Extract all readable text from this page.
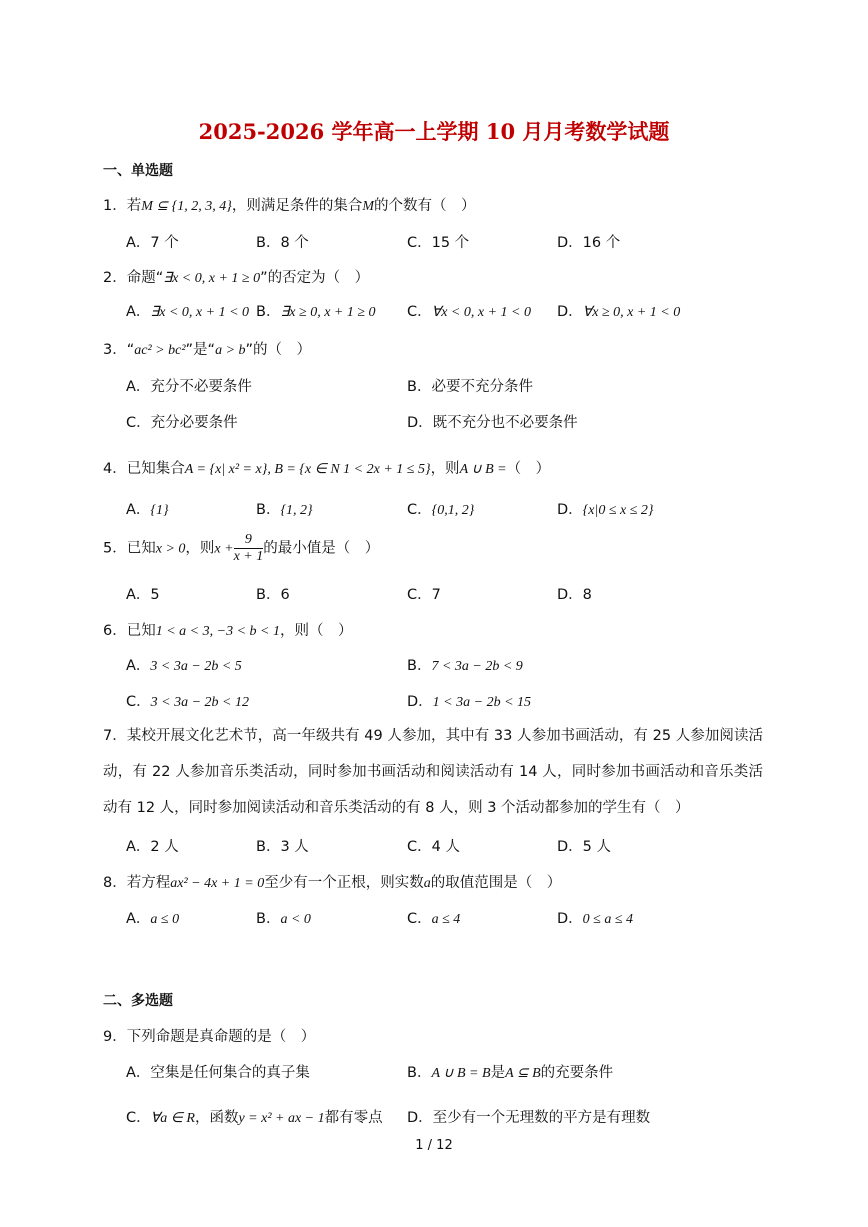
2025-2026 学年高一上学期 10 月月考数学试题
一、单选题
1．若M ⊆ {1, 2, 3, 4}，则满足条件的集合M的个数有（　）
A．7 个	B．8 个	C．15 个	D．16 个
2．命题“∃x < 0, x + 1 ≥ 0”的否定为（　）
A．∃x < 0, x + 1 < 0 B．∃x ≥ 0, x + 1 ≥ 0 C．∀x < 0, x + 1 < 0 D．∀x ≥ 0, x + 1 < 0
3．“ac² > bc²”是“a > b”的（　）
A．充分不必要条件	B．必要不充分条件
C．充分必要条件	D．既不充分也不必要条件
4．已知集合A = {x| x² = x}, B = {x ∈ N 1 < 2x + 1 ≤ 5}，则A ∪ B =（　）
A．{1}	B．{1, 2}	C．{0,1, 2}	D．{x|0 ≤ x ≤ 2}
5．已知x > 0，则$x + \frac{9}{x + 1}$ 的最小值是（　）
A．5	B．6	C．7	D．8
6．已知1 < a < 3, −3 < b < 1，则（　）
A．3 < 3a − 2b < 5	B．7 < 3a − 2b < 9
C．3 < 3a − 2b < 12	D．1 < 3a − 2b < 15
7．某校开展文化艺术节，高一年级共有 49 人参加，其中有 33 人参加书画活动，有 25 人参加阅读活动，有 22 人参加音乐类活动，同时参加书画活动和阅读活动有 14 人，同时参加书画活动和音乐类活动有 12 人，同时参加阅读活动和音乐类活动的有 8 人，则 3 个活动都参加的学生有（　）
A．2 人	B．3 人	C．4 人	D．5 人
8．若方程ax² − 4x + 1 = 0至少有一个正根，则实数a的取值范围是（　）
A．a ≤ 0	B．a < 0	C．a ≤ 4	D．0 ≤ a ≤ 4
二、多选题
9．下列命题是真命题的是（　）
A．空集是任何集合的真子集	B．A ∪ B = B是A ⊆ B的充要条件
C．∀a ∈ R，函数y = x² + ax − 1都有零点 D．至少有一个无理数的平方是有理数
1 / 12
